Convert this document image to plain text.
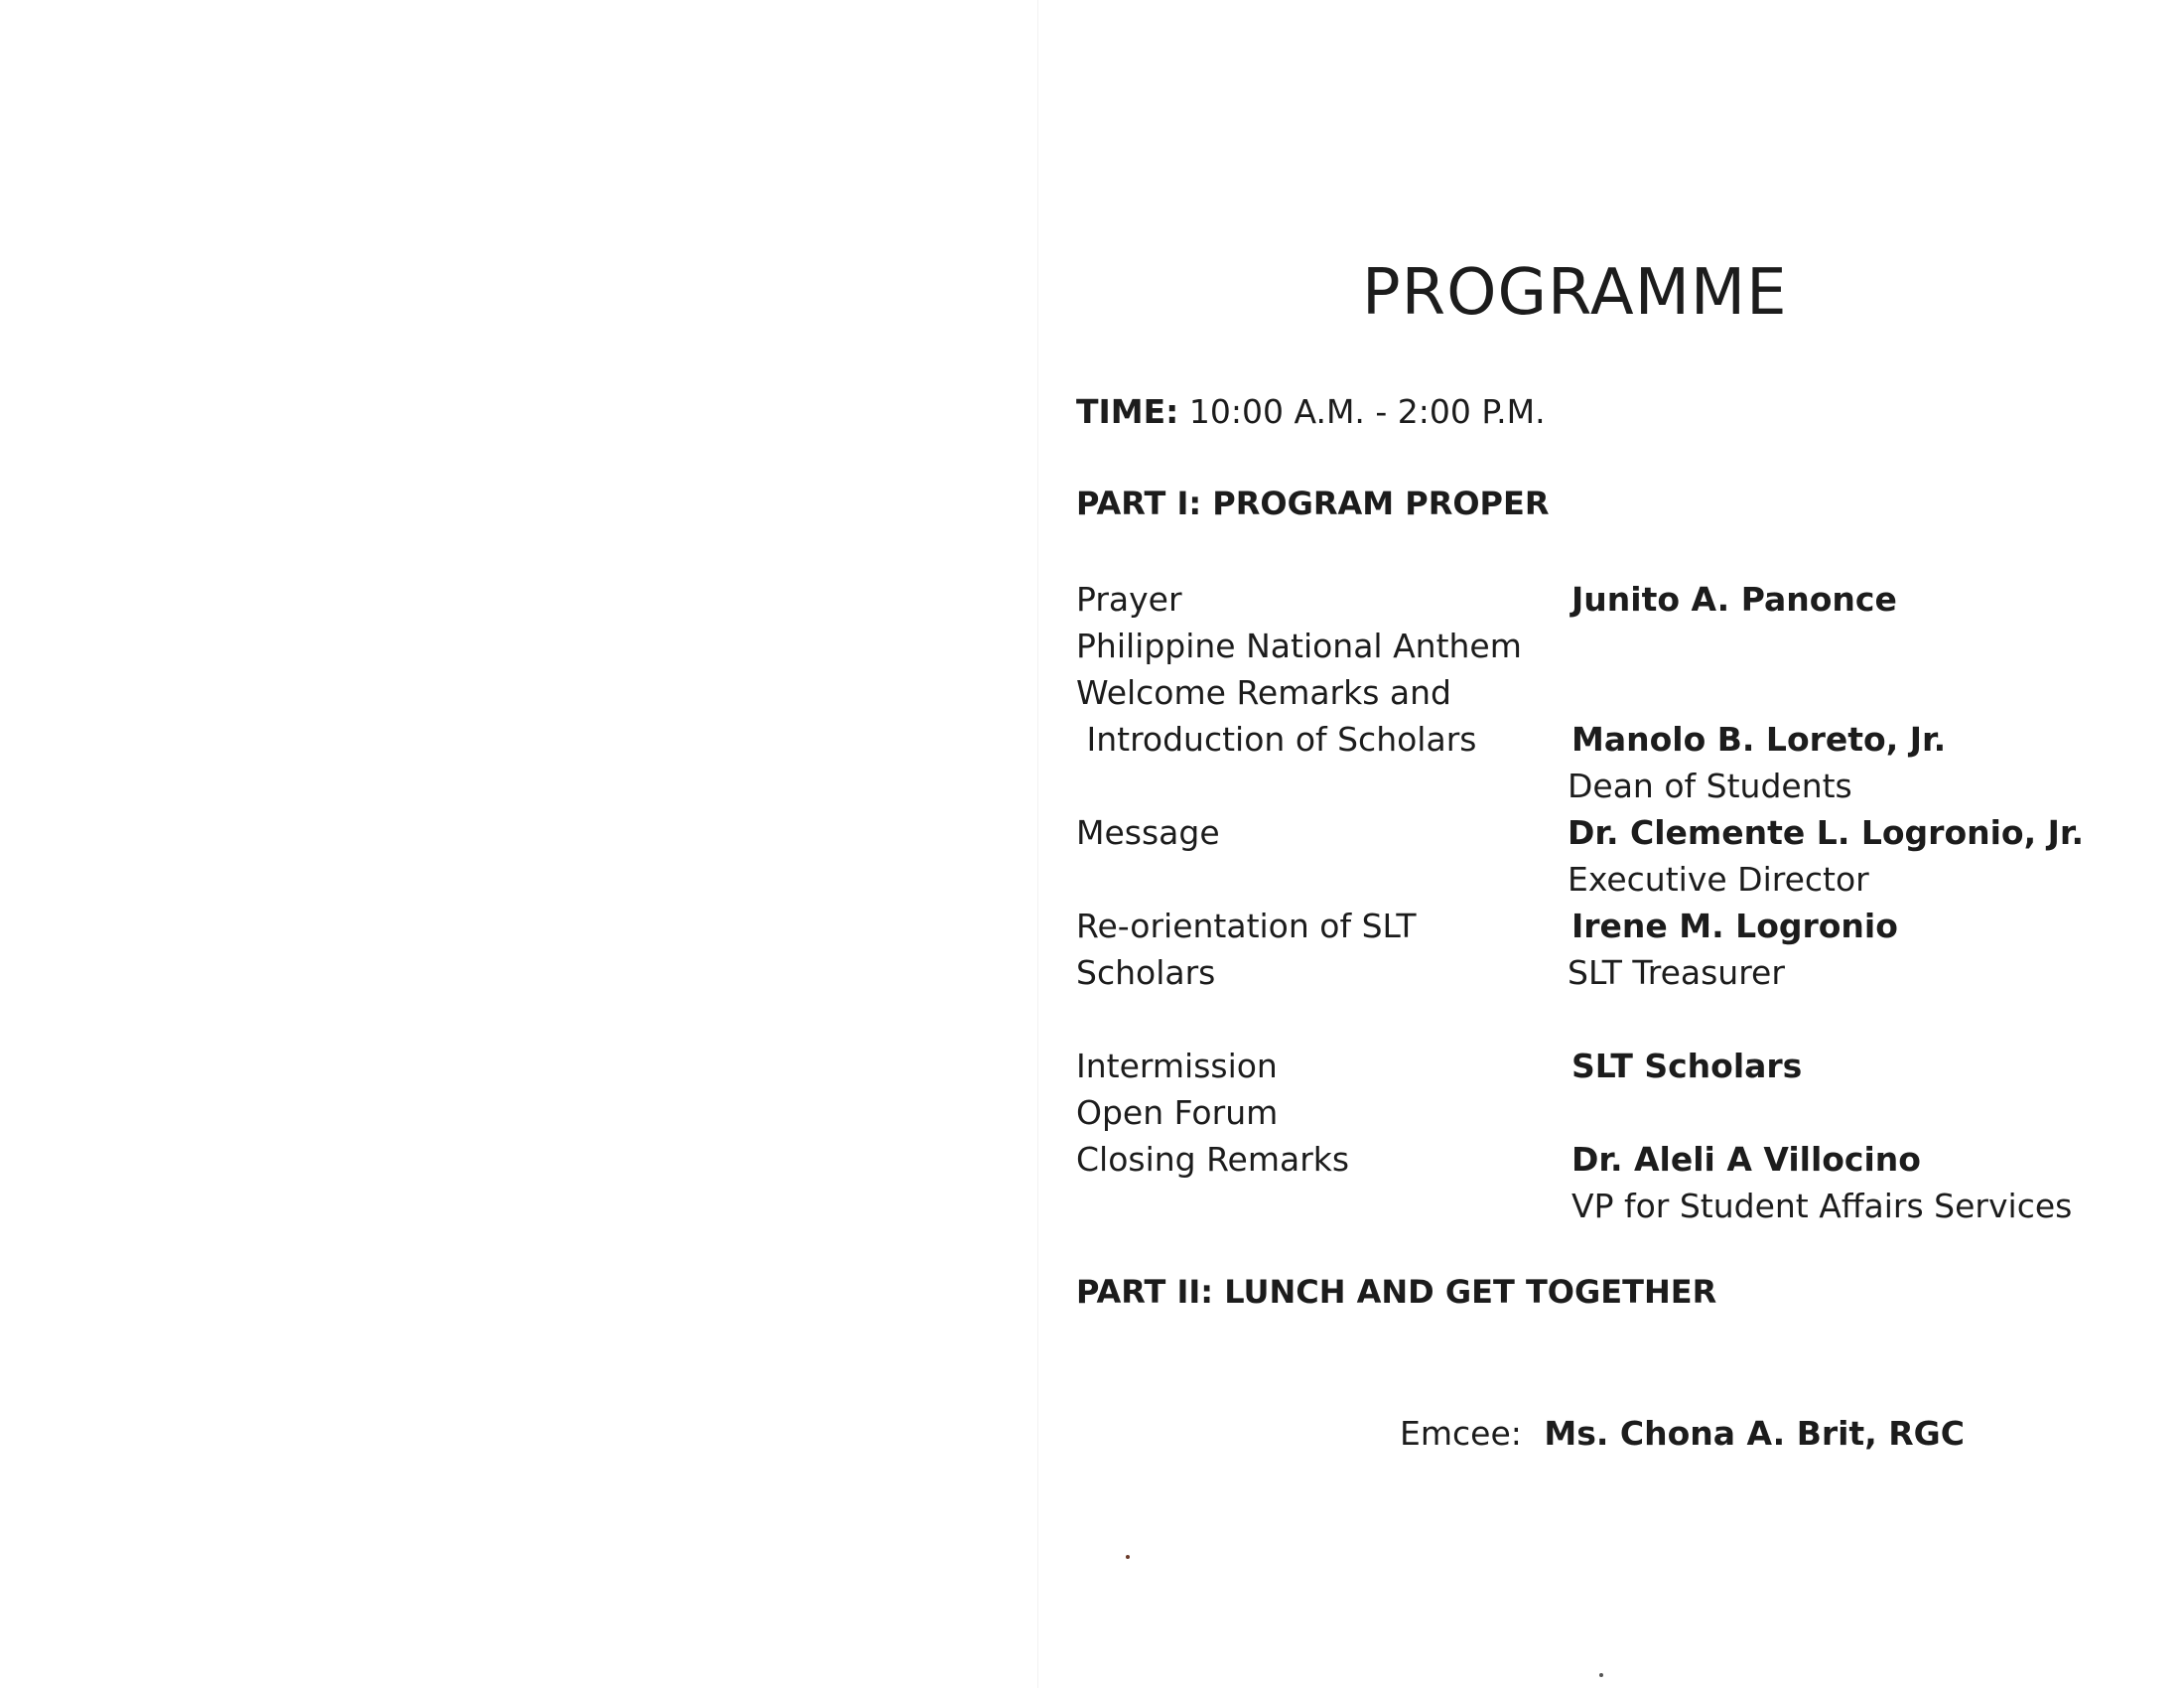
PROGRAMME
TIME: 10:00 A.M. - 2:00 P.M.
PART I: PROGRAM PROPER
Prayer
Philippine National Anthem
Welcome Remarks and
Introduction of Scholars
Message
Re-orientation of SLT
Scholars
Intermission
Open Forum
Closing Remarks
Junito A. Panonce
Manolo B. Loreto, Jr.
Dean of Students
Dr. Clemente L. Logronio, Jr.
Executive Director
Irene M. Logronio
SLT Treasurer
SLT Scholars
Dr. Aleli A Villocino
VP for Student Affairs Services
PART II: LUNCH AND GET TOGETHER
Emcee: Ms. Chona A. Brit, RGC
